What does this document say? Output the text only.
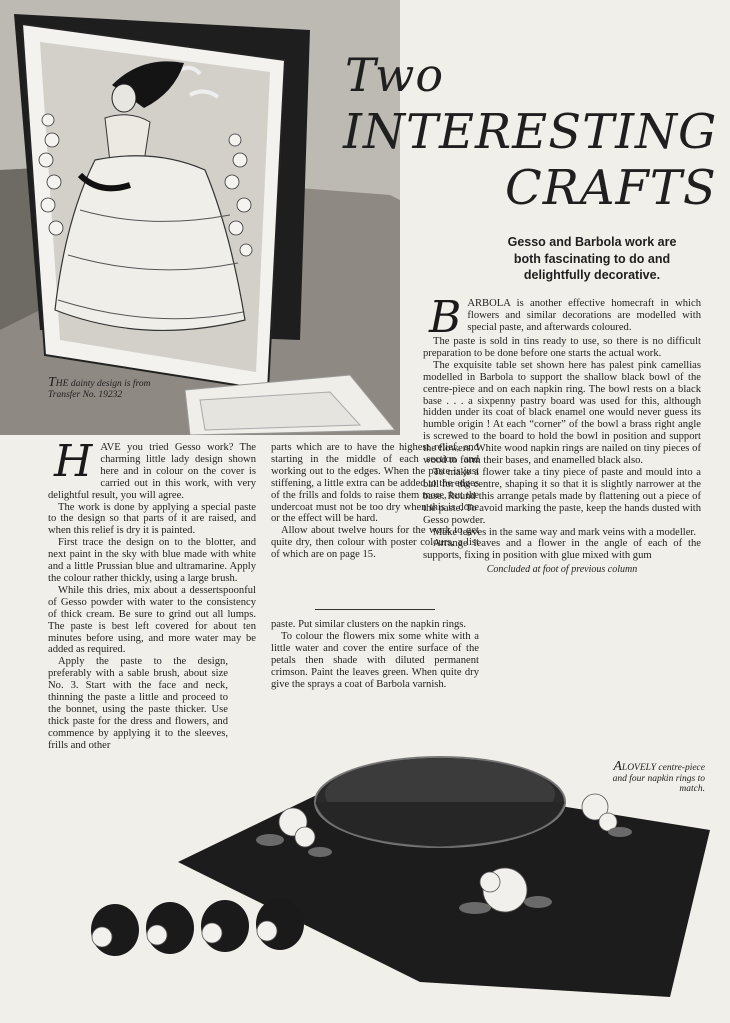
THE dainty design is from Transfer No. 19232
Two
INTERESTING
CRAFTS
Gesso and Barbola work are
both fascinating to do and
delightfully decorative.

BARBOLA is another effective homecraft in which flowers and similar decorations are modelled with special paste, and afterwards coloured.

The paste is sold in tins ready to use, so there is no difficult preparation to be done before one starts the actual work.

The exquisite table set shown here has palest pink camellias modelled in Barbola to support the shallow black bowl of the centre-piece and on each napkin ring. The bowl rests on a black base . . . a sixpenny pastry board was used for this, although hidden under its coat of black enamel one would never guess its humble origin ! At each “corner” of the bowl a brass right angle is screwed to the board to hold the bowl in position and support the flowers. White wood napkin rings are nailed on tiny pieces of wood to form their bases, and enamelled black also.

To make a flower take a tiny piece of paste and mould into a ball for the centre, shaping it so that it is slightly narrower at the base. Round this arrange petals made by flattening out a piece of the paste. To avoid marking the paste, keep the hands dusted with Gesso powder.

Make leaves in the same way and mark veins with a modeller.

Arrange leaves and a flower in the angle of each of the supports, fixing in position with glue mixed with gum

Concluded at foot of previous column

HAVE you tried Gesso work? The charming little lady design shown here and in colour on the cover is carried out in this work, with very delightful result, you will agree.

The work is done by applying a special paste to the design so that parts of it are raised, and when this relief is dry it is painted.

First trace the design on to the blotter, and next paint in the sky with blue made with white and a little Prussian blue and ultramarine. Apply the colour rather thickly, using a large brush.

While this dries, mix about a dessertspoonful of Gesso powder with water to the consistency of thick cream. Be sure to grind out all lumps. The paste is best left covered for about ten minutes before using, and more water may be added as required.

Apply the paste to the design, preferably with a sable brush, about size No. 3. Start with the face and neck, thinning the paste a little and proceed to the bonnet, using the paste thicker. Use thick paste for the dress and flowers, and commence by applying it to the sleeves, frills and other

parts which are to have the highest relief, and starting in the middle of each section and working out to the edges. When the paste is just stiffening, a little extra can be added to the edges of the frills and folds to raise them more, but the undercoat must not be too dry when this is done or the effect will be hard.

Allow about twelve hours for the work to get quite dry, then colour with poster colours, a list of which are on page 15.

paste. Put similar clusters on the napkin rings.

To colour the flowers mix some white with a little water and cover the entire surface of the petals then shade with diluted permanent crimson. Paint the leaves green. When quite dry give the sprays a coat of Barbola varnish.

ALOVELY centre-piece and four napkin rings to match.
